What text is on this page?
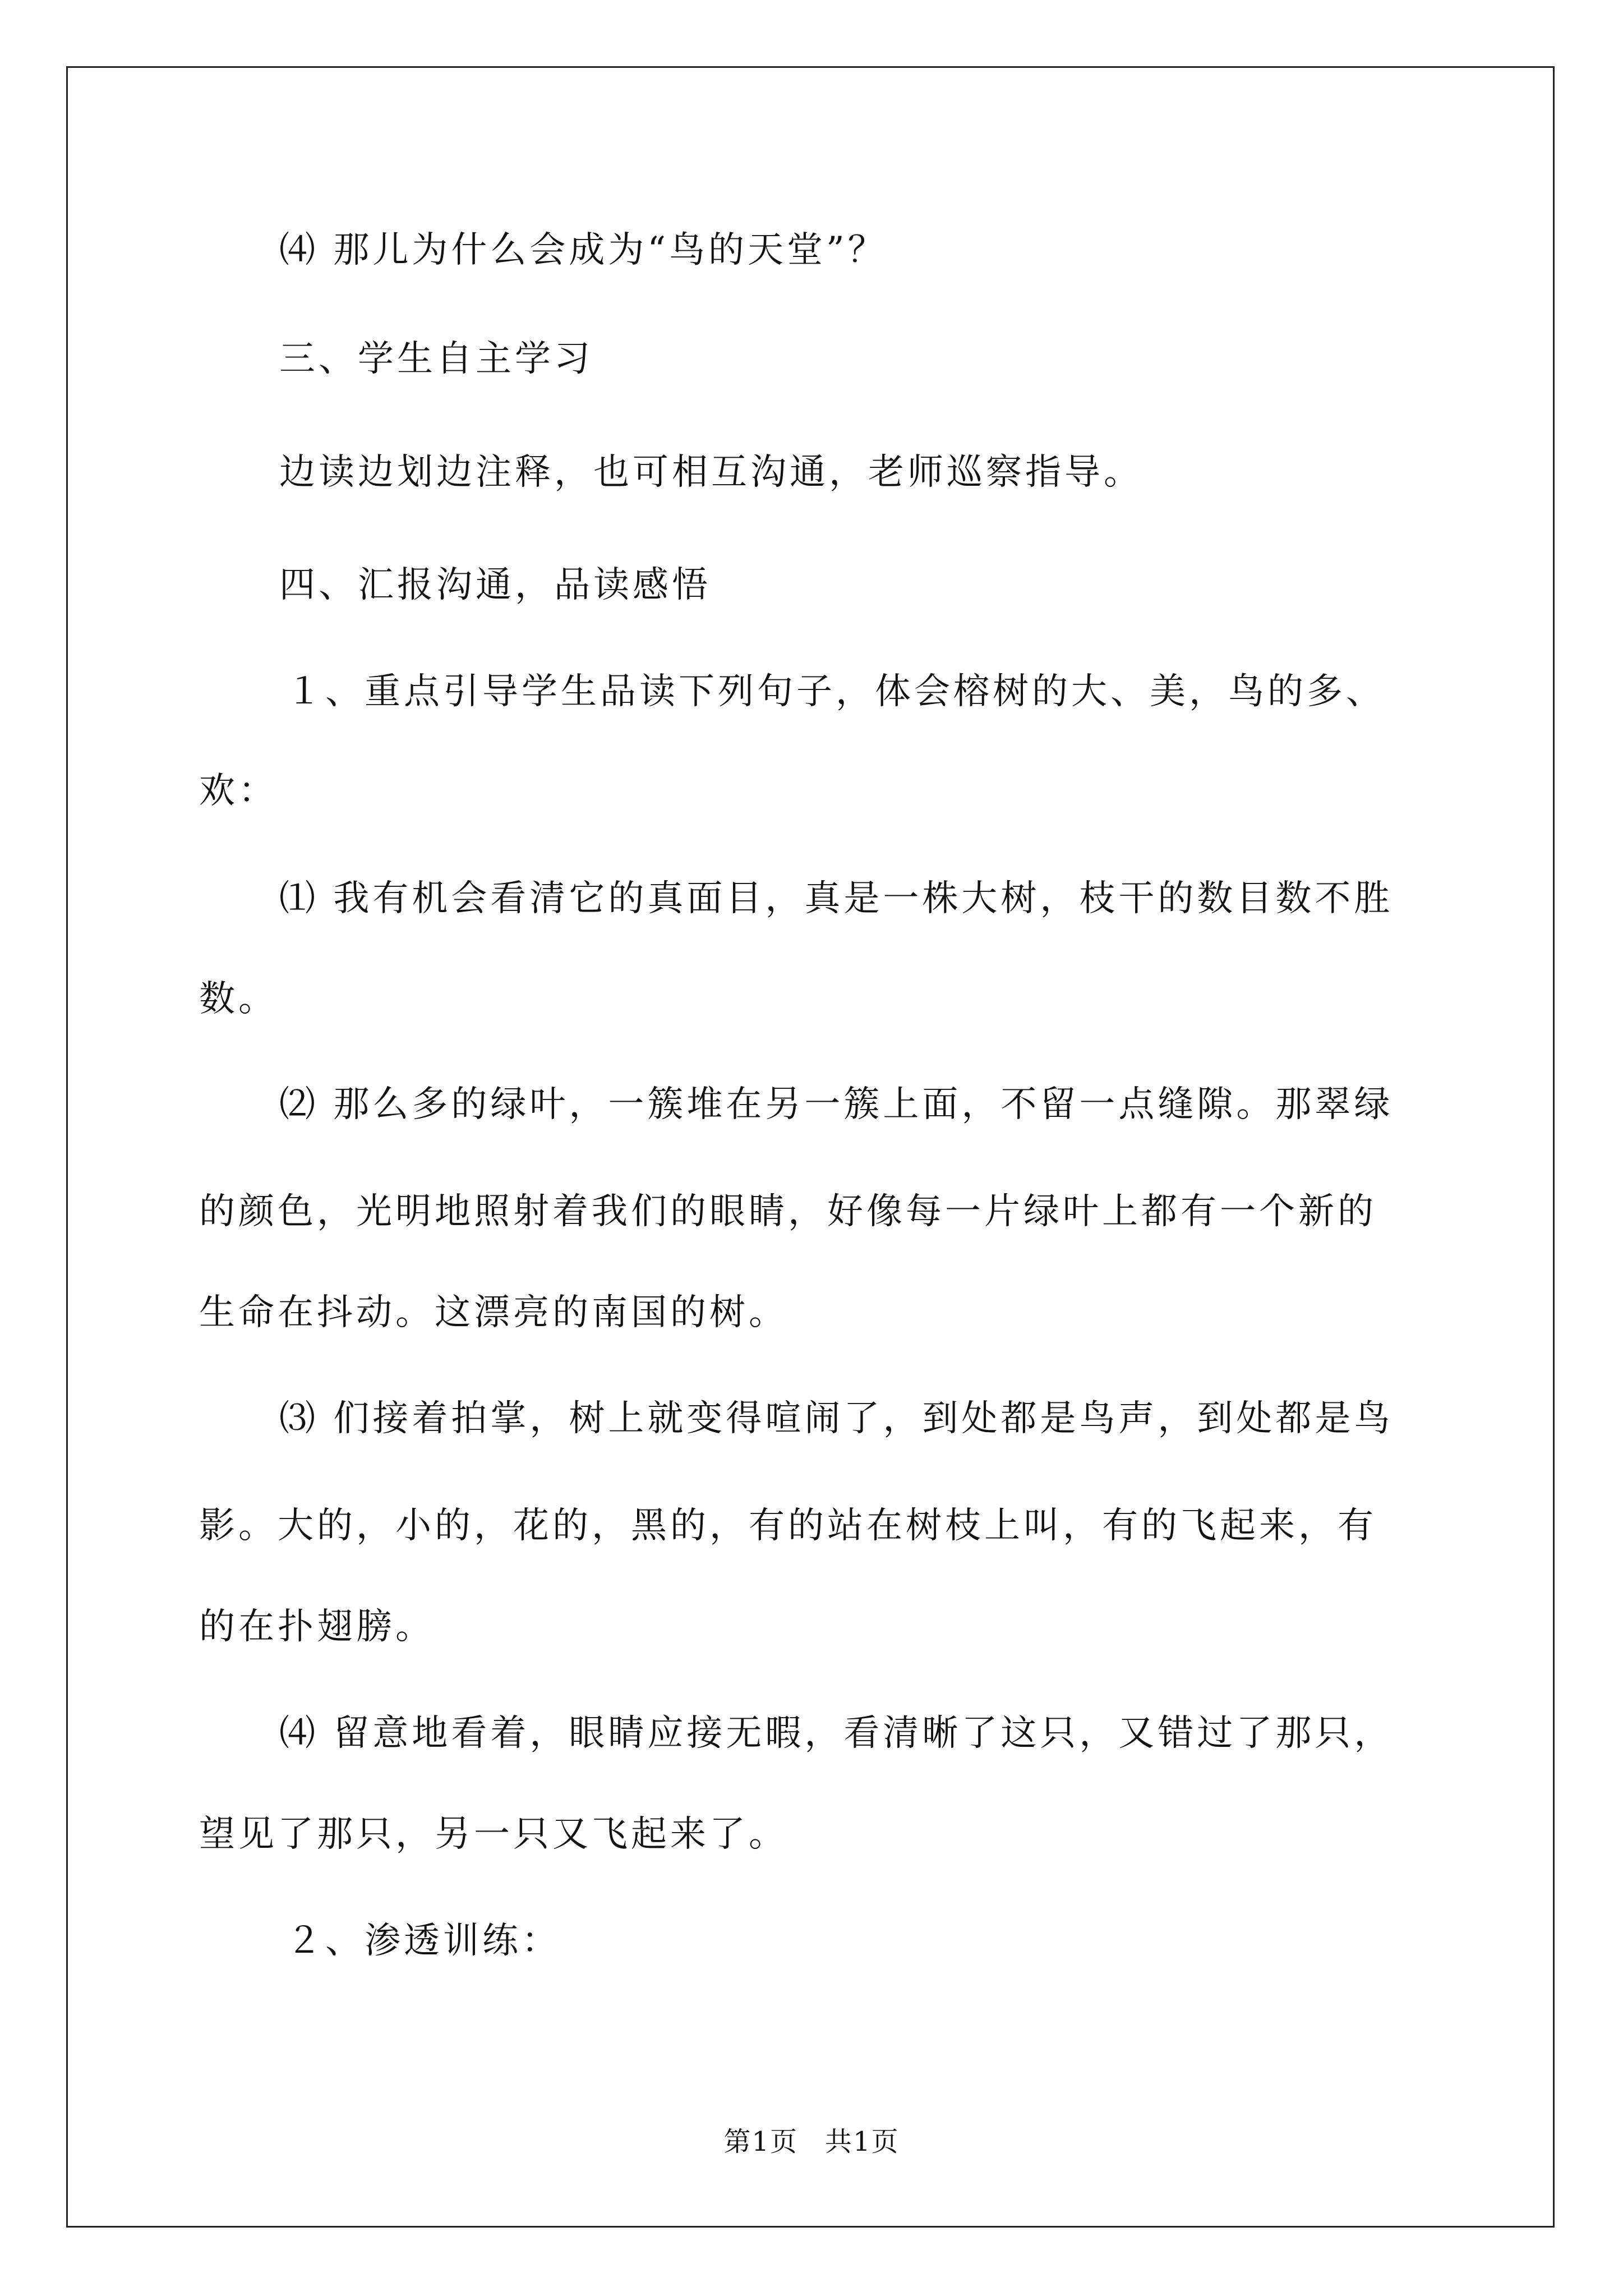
⑷ 那儿为什么会成为“鸟的天堂”？
三、学生自主学习
边读边划边注释，也可相互沟通，老师巡察指导。
四、汇报沟通，品读感悟
１、重点引导学生品读下列句子，体会榕树的大、美，鸟的多、
欢：
⑴ 我有机会看清它的真面目，真是一株大树，枝干的数目数不胜
数。
⑵ 那么多的绿叶，一簇堆在另一簇上面，不留一点缝隙。那翠绿
的颜色，光明地照射着我们的眼睛，好像每一片绿叶上都有一个新的
生命在抖动。这漂亮的南国的树。
⑶ 们接着拍掌，树上就变得喧闹了，到处都是鸟声，到处都是鸟
影。大的，小的，花的，黑的，有的站在树枝上叫，有的飞起来，有
的在扑翅膀。
⑷ 留意地看着，眼睛应接无暇，看清晰了这只，又错过了那只，
望见了那只，另一只又飞起来了。
２、渗透训练：
第1页 共1页
